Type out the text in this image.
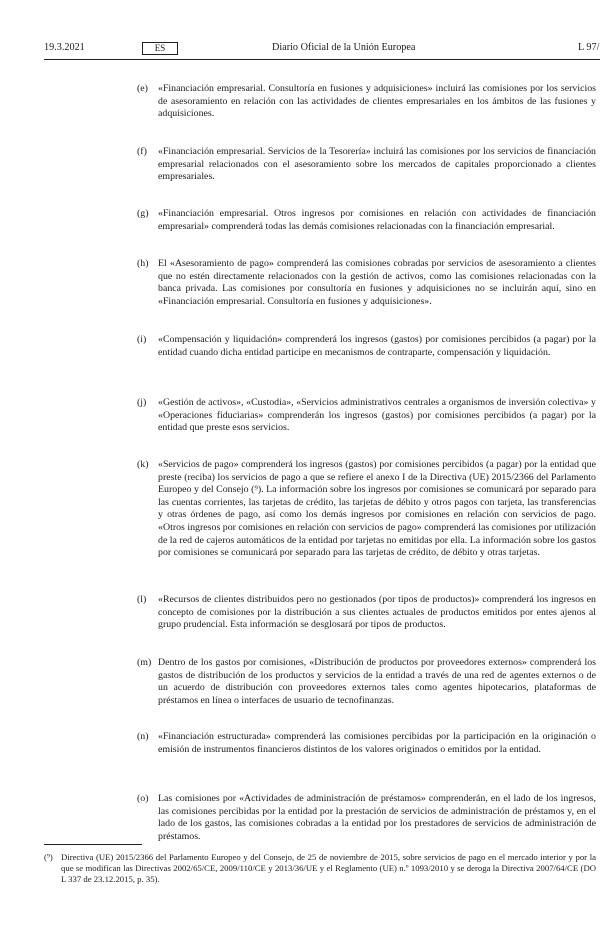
19.3.2021	ES	Diario Oficial de la Unión Europea	L 97/
(e) «Financiación empresarial. Consultoría en fusiones y adquisiciones» incluirá las comisiones por los servicios de asesoramiento en relación con las actividades de clientes empresariales en los ámbitos de las fusiones y adquisiciones.
(f) «Financiación empresarial. Servicios de la Tesorería» incluirá las comisiones por los servicios de financiación empresarial relacionados con el asesoramiento sobre los mercados de capitales proporcionado a clientes empresariales.
(g) «Financiación empresarial. Otros ingresos por comisiones en relación con actividades de financiación empresarial» comprenderá todas las demás comisiones relacionadas con la financiación empresarial.
(h) El «Asesoramiento de pago» comprenderá las comisiones cobradas por servicios de asesoramiento a clientes que no estén directamente relacionados con la gestión de activos, como las comisiones relacionadas con la banca privada. Las comisiones por consultoría en fusiones y adquisiciones no se incluirán aquí, sino en «Financiación empresarial. Consultoría en fusiones y adquisiciones».
(i) «Compensación y liquidación» comprenderá los ingresos (gastos) por comisiones percibidos (a pagar) por la entidad cuando dicha entidad participe en mecanismos de contraparte, compensación y liquidación.
(j) «Gestión de activos», «Custodia», «Servicios administrativos centrales a organismos de inversión colectiva» y «Operaciones fiduciarias» comprenderán los ingresos (gastos) por comisiones percibidos (a pagar) por la entidad que preste esos servicios.
(k) «Servicios de pago» comprenderá los ingresos (gastos) por comisiones percibidos (a pagar) por la entidad que preste (reciba) los servicios de pago a que se refiere el anexo I de la Directiva (UE) 2015/2366 del Parlamento Europeo y del Consejo (⁹). La información sobre los ingresos por comisiones se comunicará por separado para las cuentas corrientes, las tarjetas de crédito, las tarjetas de débito y otros pagos con tarjeta, las transferencias y otras órdenes de pago, así como los demás ingresos por comisiones en relación con servicios de pago. «Otros ingresos por comisiones en relación con servicios de pago» comprenderá las comisiones por utilización de la red de cajeros automáticos de la entidad por tarjetas no emitidas por ella. La información sobre los gastos por comisiones se comunicará por separado para las tarjetas de crédito, de débito y otras tarjetas.
(l) «Recursos de clientes distribuidos pero no gestionados (por tipos de productos)» comprenderá los ingresos en concepto de comisiones por la distribución a sus clientes actuales de productos emitidos por entes ajenos al grupo prudencial. Esta información se desglosará por tipos de productos.
(m) Dentro de los gastos por comisiones, «Distribución de productos por proveedores externos» comprenderá los gastos de distribución de los productos y servicios de la entidad a través de una red de agentes externos o de un acuerdo de distribución con proveedores externos tales como agentes hipotecarios, plataformas de préstamos en línea o interfaces de usuario de tecnofinanzas.
(n) «Financiación estructurada» comprenderá las comisiones percibidas por la participación en la originación o emisión de instrumentos financieros distintos de los valores originados o emitidos por la entidad.
(o) Las comisiones por «Actividades de administración de préstamos» comprenderán, en el lado de los ingresos, las comisiones percibidas por la entidad por la prestación de servicios de administración de préstamos y, en el lado de los gastos, las comisiones cobradas a la entidad por los prestadores de servicios de administración de préstamos.
(⁹) Directiva (UE) 2015/2366 del Parlamento Europeo y del Consejo, de 25 de noviembre de 2015, sobre servicios de pago en el mercado interior y por la que se modifican las Directivas 2002/65/CE, 2009/110/CE y 2013/36/UE y el Reglamento (UE) n.º 1093/2010 y se deroga la Directiva 2007/64/CE (DO L 337 de 23.12.2015, p. 35).
